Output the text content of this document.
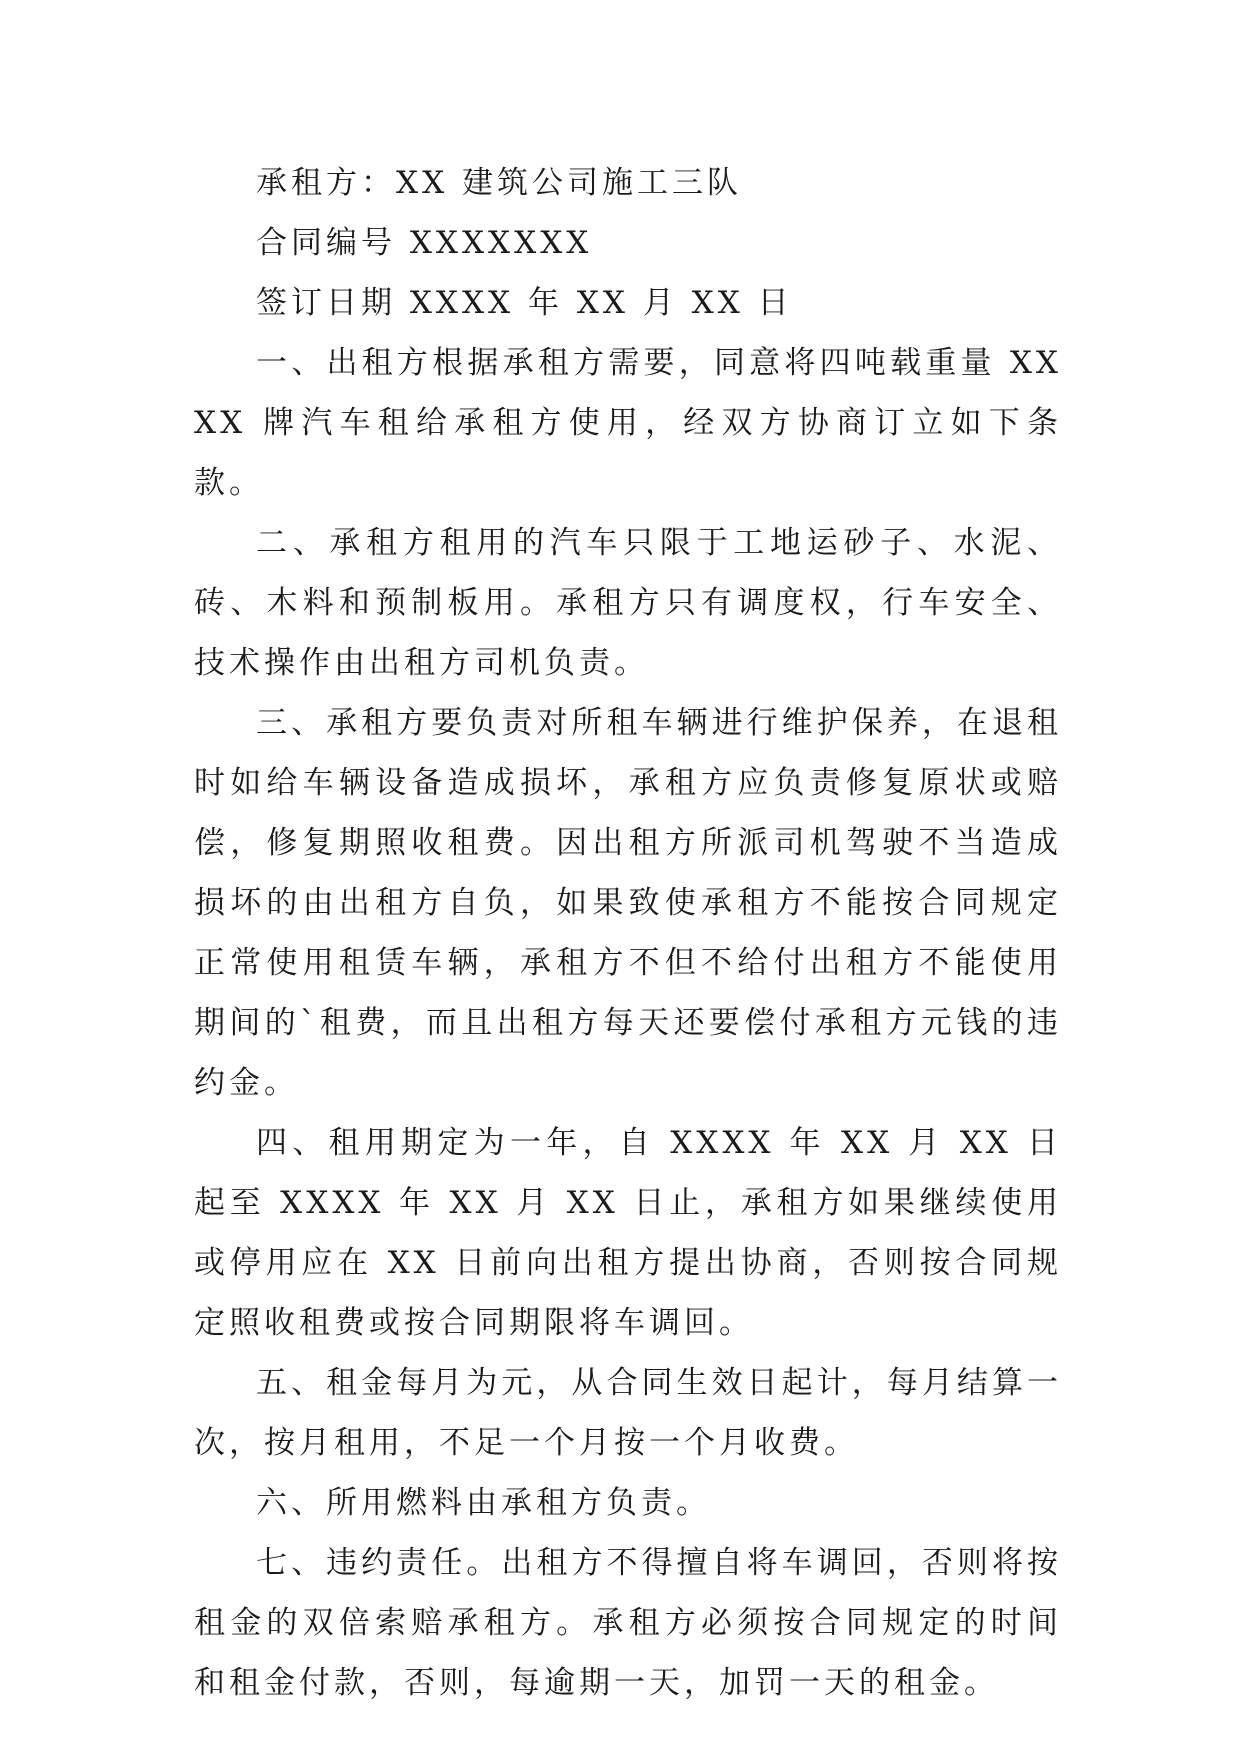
承租方：XX 建筑公司施工三队

合同编号 XXXXXXX

签订日期 XXXX 年 XX 月 XX 日

一、出租方根据承租方需要，同意将四吨载重量 XXXX 牌汽车租给承租方使用，经双方协商订立如下条款。

二、承租方租用的汽车只限于工地运砂子、水泥、砖、木料和预制板用。承租方只有调度权，行车安全、技术操作由出租方司机负责。

三、承租方要负责对所租车辆进行维护保养，在退租时如给车辆设备造成损坏，承租方应负责修复原状或赔偿，修复期照收租费。因出租方所派司机驾驶不当造成损坏的由出租方自负，如果致使承租方不能按合同规定正常使用租赁车辆，承租方不但不给付出租方不能使用期间的`租费，而且出租方每天还要偿付承租方元钱的违约金。

四、租用期定为一年，自 XXXX 年 XX 月 XX 日起至 XXXX 年 XX 月 XX 日止，承租方如果继续使用或停用应在 XX 日前向出租方提出协商，否则按合同规定照收租费或按合同期限将车调回。

五、租金每月为元，从合同生效日起计，每月结算一次，按月租用，不足一个月按一个月收费。

六、所用燃料由承租方负责。

七、违约责任。出租方不得擅自将车调回，否则将按租金的双倍索赔承租方。承租方必须按合同规定的时间和租金付款，否则，每逾期一天，加罚一天的租金。
